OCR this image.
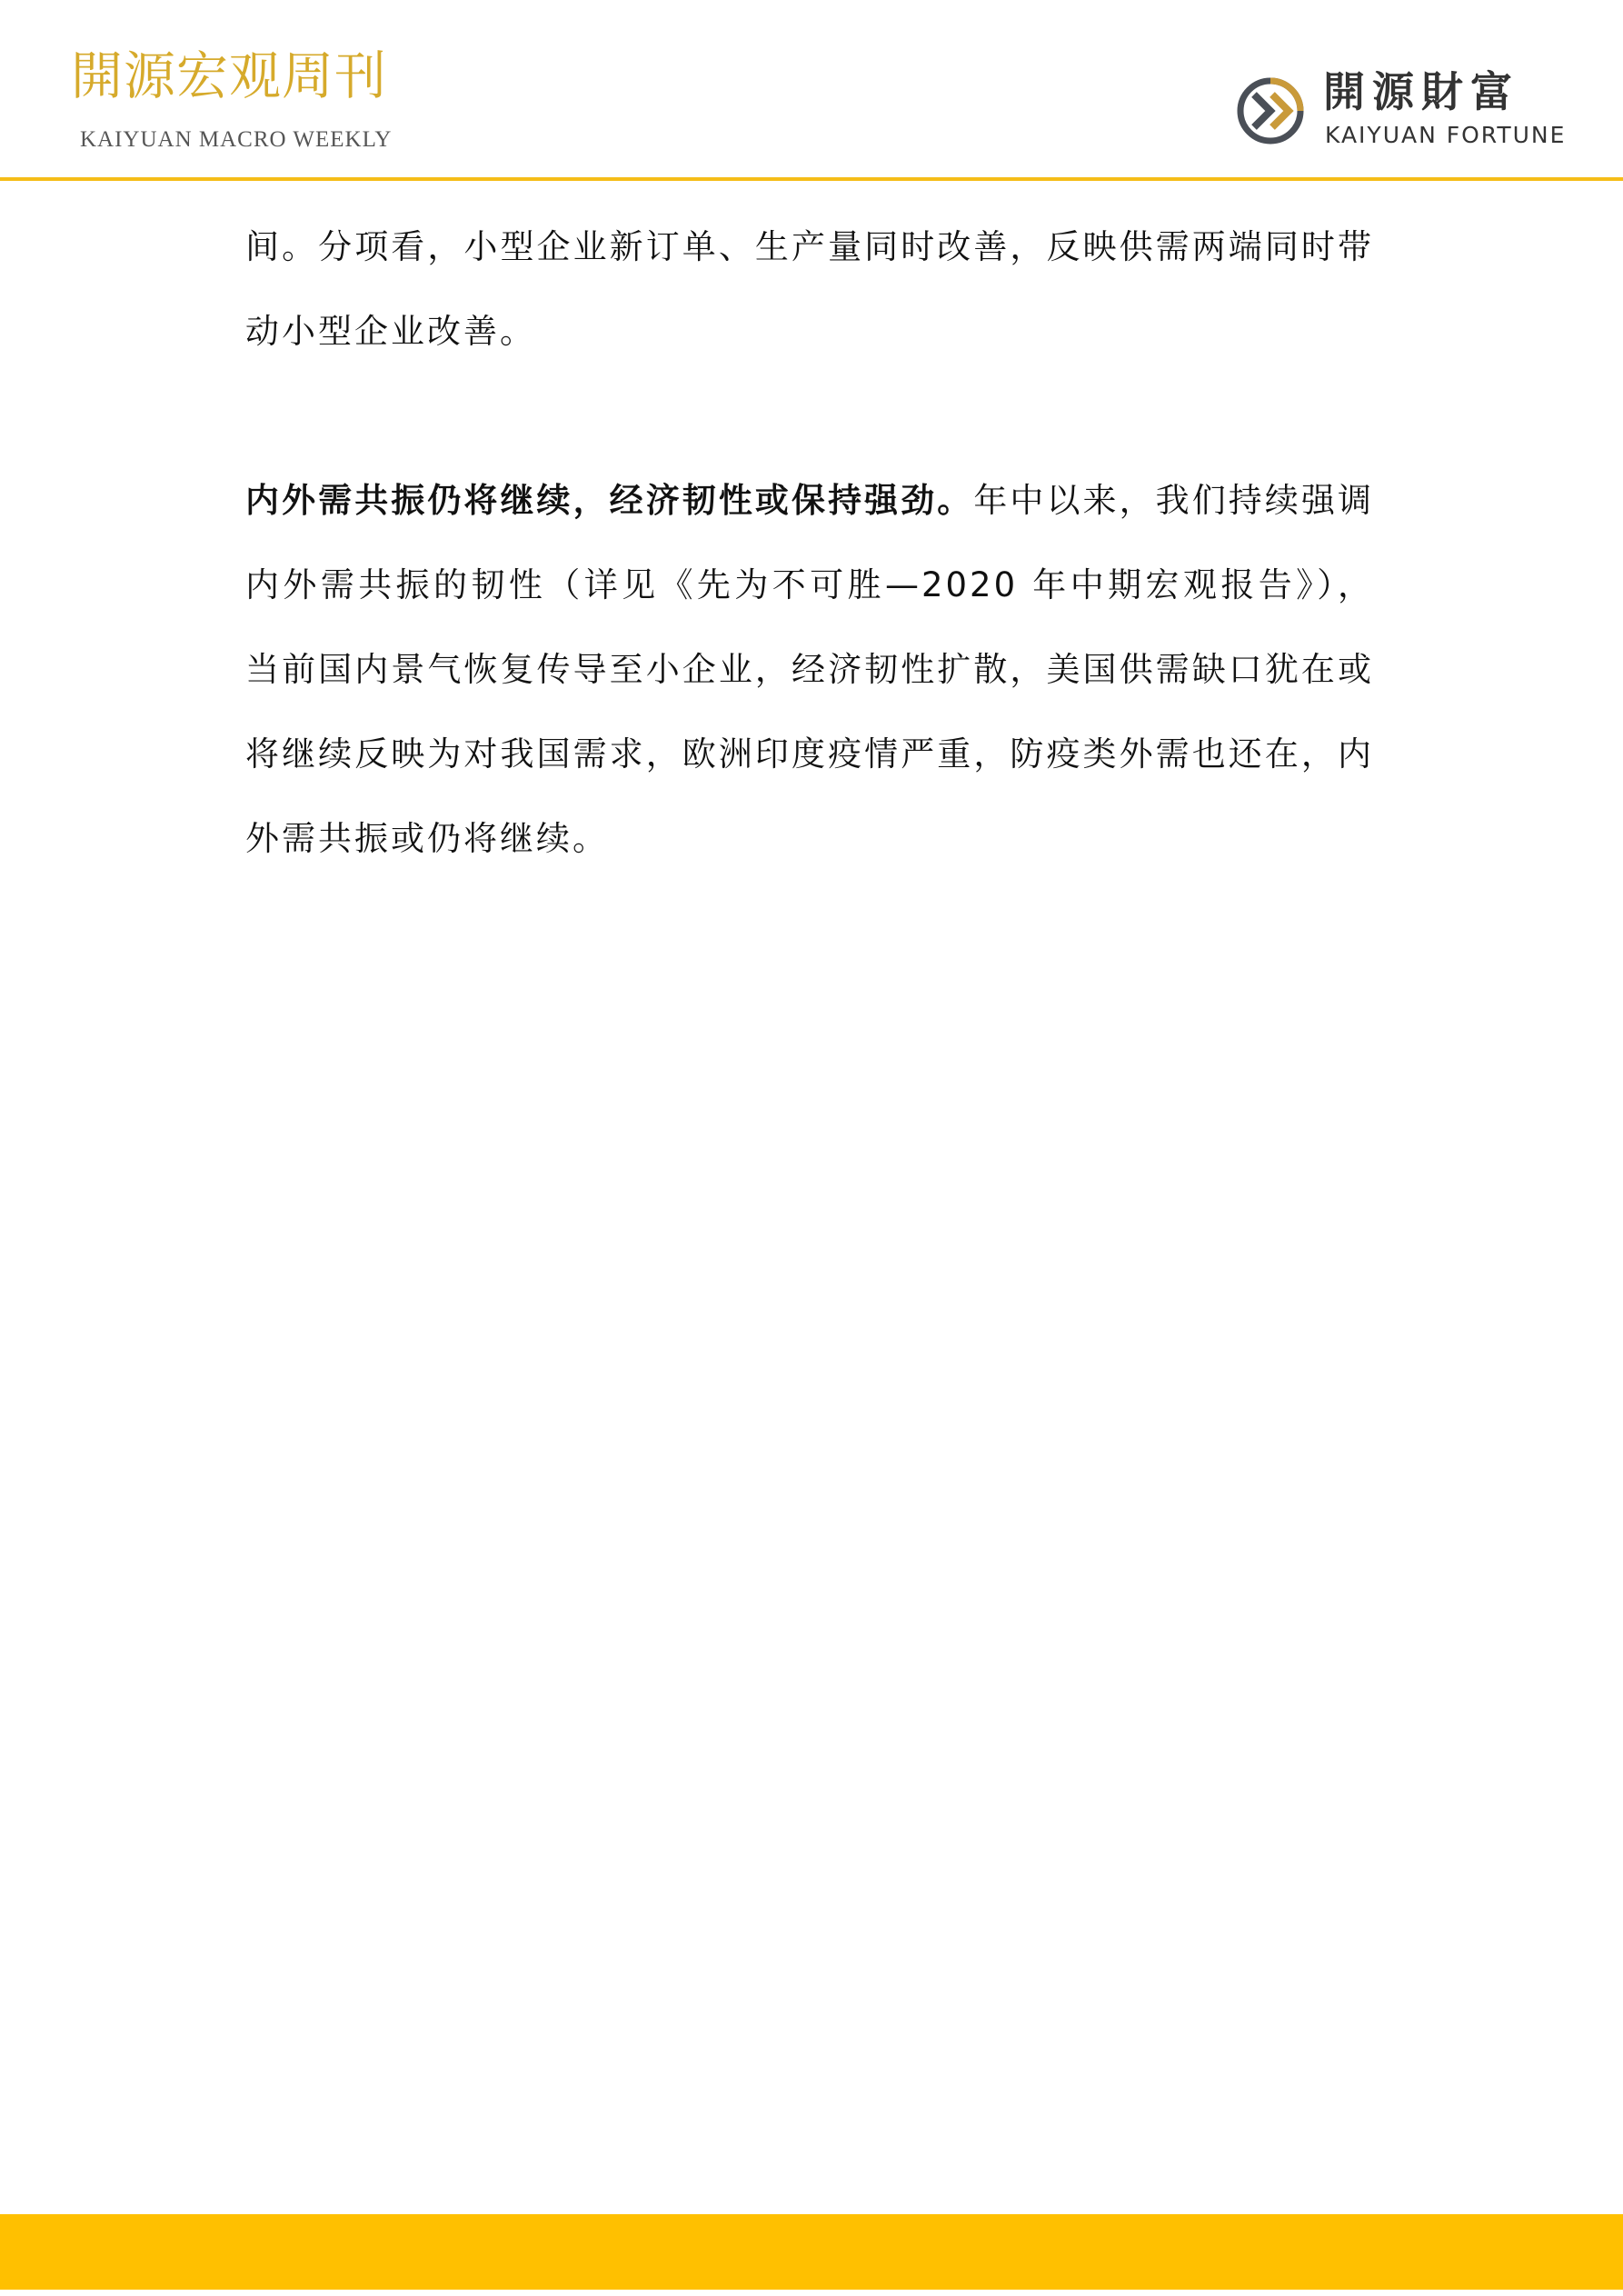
開源宏观周刊
KAIYUAN MACRO WEEKLY
開源財富
KAIYUAN FORTUNE

间。分项看，小型企业新订单、生产量同时改善，反映供需两端同时带动小型企业改善。

内外需共振仍将继续，经济韧性或保持强劲。年中以来，我们持续强调内外需共振的韧性（详见《先为不可胜—2020 年中期宏观报告》），当前国内景气恢复传导至小企业，经济韧性扩散，美国供需缺口犹在或将继续反映为对我国需求，欧洲印度疫情严重，防疫类外需也还在，内外需共振或仍将继续。
